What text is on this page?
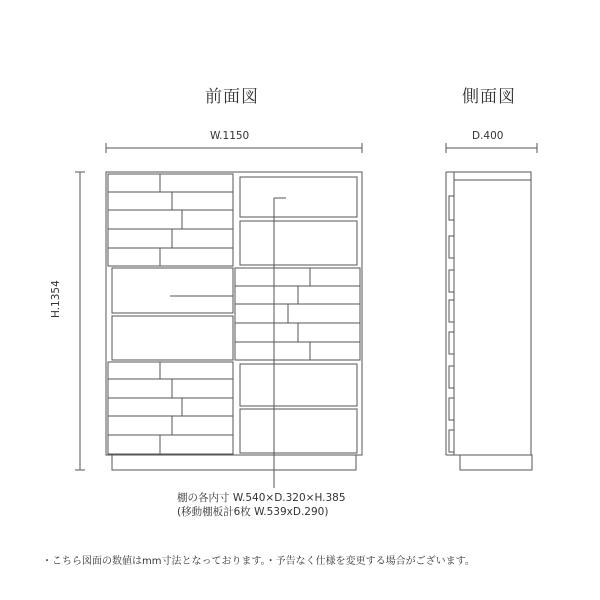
前面図	側面図
W.1150	D.400
H.1354
棚の各内寸 W.540×D.320×H.385
(移動棚板計6枚 W.539xD.290)
・こちら図面の数値はmm寸法となっております。・予告なく仕様を変更する場合がございます。
